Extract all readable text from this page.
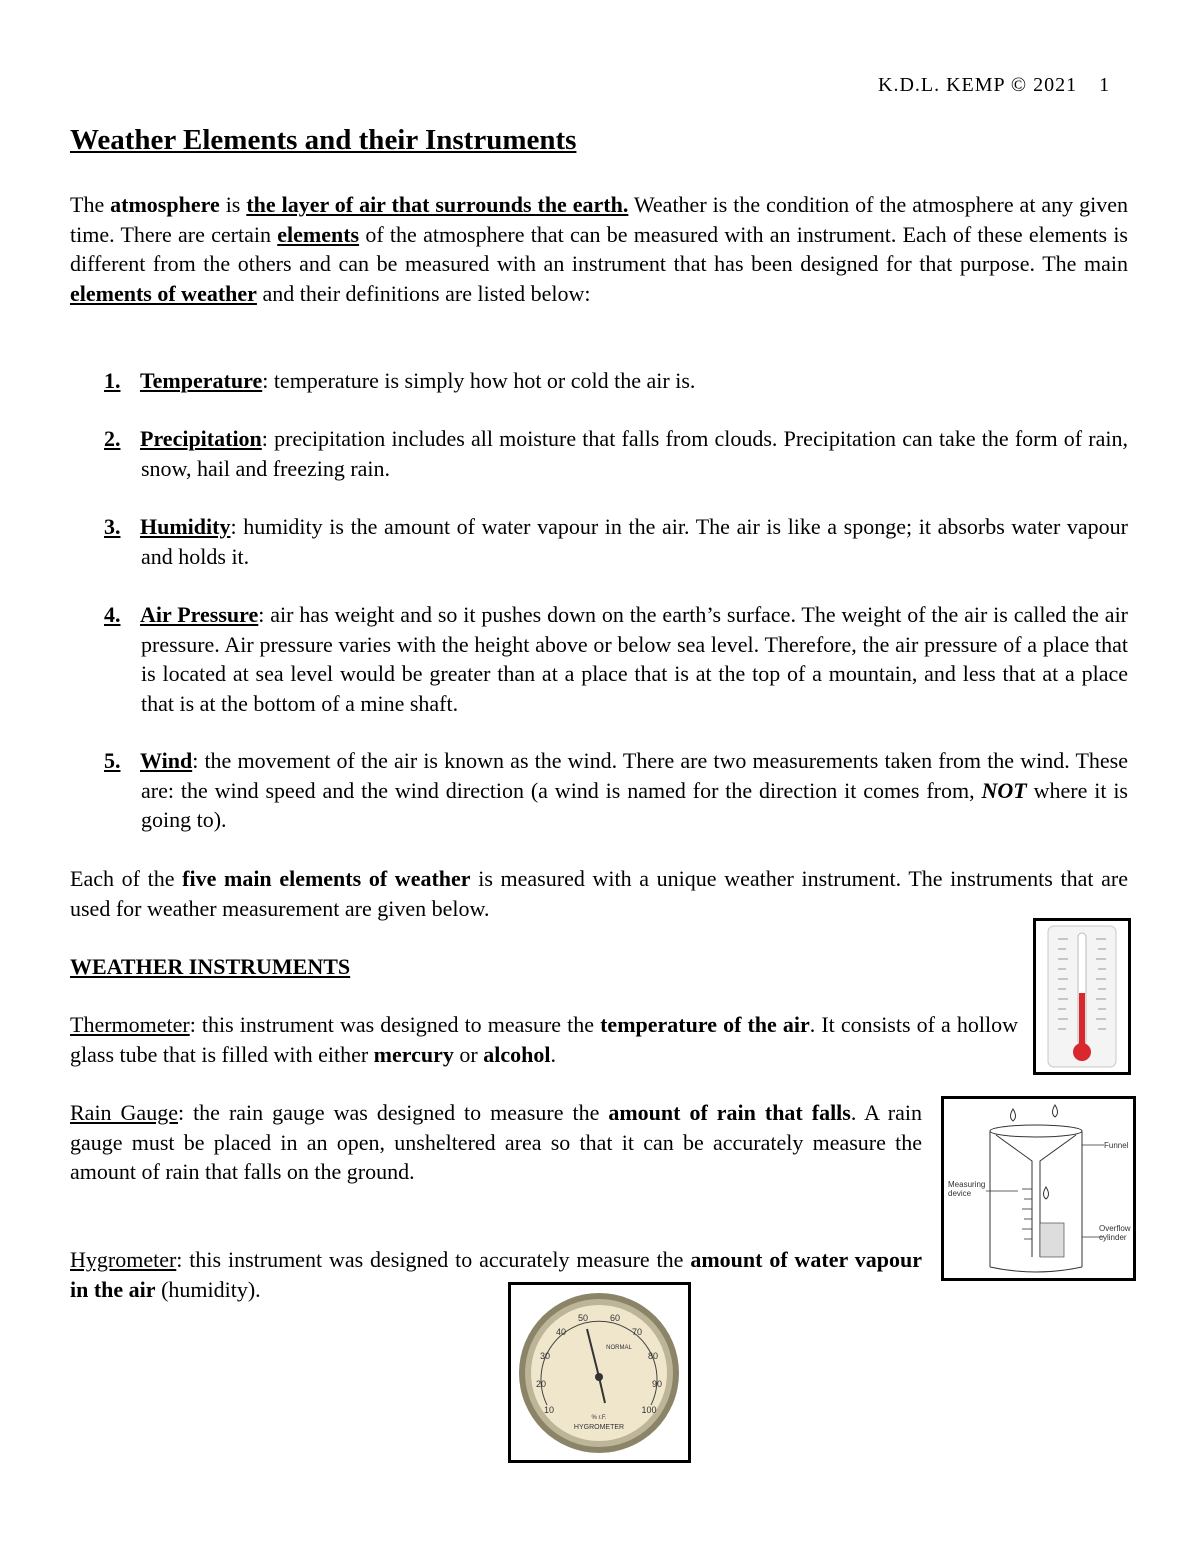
K.D.L. KEMP © 2021 1
Weather Elements and their Instruments
The atmosphere is the layer of air that surrounds the earth. Weather is the condition of the atmosphere at any given time. There are certain elements of the atmosphere that can be measured with an instrument. Each of these elements is different from the others and can be measured with an instrument that has been designed for that purpose. The main elements of weather and their definitions are listed below:
1. Temperature: temperature is simply how hot or cold the air is.
2. Precipitation: precipitation includes all moisture that falls from clouds. Precipitation can take the form of rain, snow, hail and freezing rain.
3. Humidity: humidity is the amount of water vapour in the air. The air is like a sponge; it absorbs water vapour and holds it.
4. Air Pressure: air has weight and so it pushes down on the earth’s surface. The weight of the air is called the air pressure. Air pressure varies with the height above or below sea level. Therefore, the air pressure of a place that is located at sea level would be greater than at a place that is at the top of a mountain, and less that at a place that is at the bottom of a mine shaft.
5. Wind: the movement of the air is known as the wind. There are two measurements taken from the wind. These are: the wind speed and the wind direction (a wind is named for the direction it comes from, NOT where it is going to).
Each of the five main elements of weather is measured with a unique weather instrument. The instruments that are used for weather measurement are given below.
WEATHER INSTRUMENTS
Thermometer: this instrument was designed to measure the temperature of the air. It consists of a hollow glass tube that is filled with either mercury or alcohol.
Rain Gauge: the rain gauge was designed to measure the amount of rain that falls. A rain gauge must be placed in an open, unsheltered area so that it can be accurately measure the amount of rain that falls on the ground.
Hygrometer: this instrument was designed to accurately measure the amount of water vapour in the air (humidity).
Funnel
Measuring
device
Overflow
cylinder
10
20
30
40
50 60
70
80
90
100
NORMAL
% r.F.
HYGROMETER
